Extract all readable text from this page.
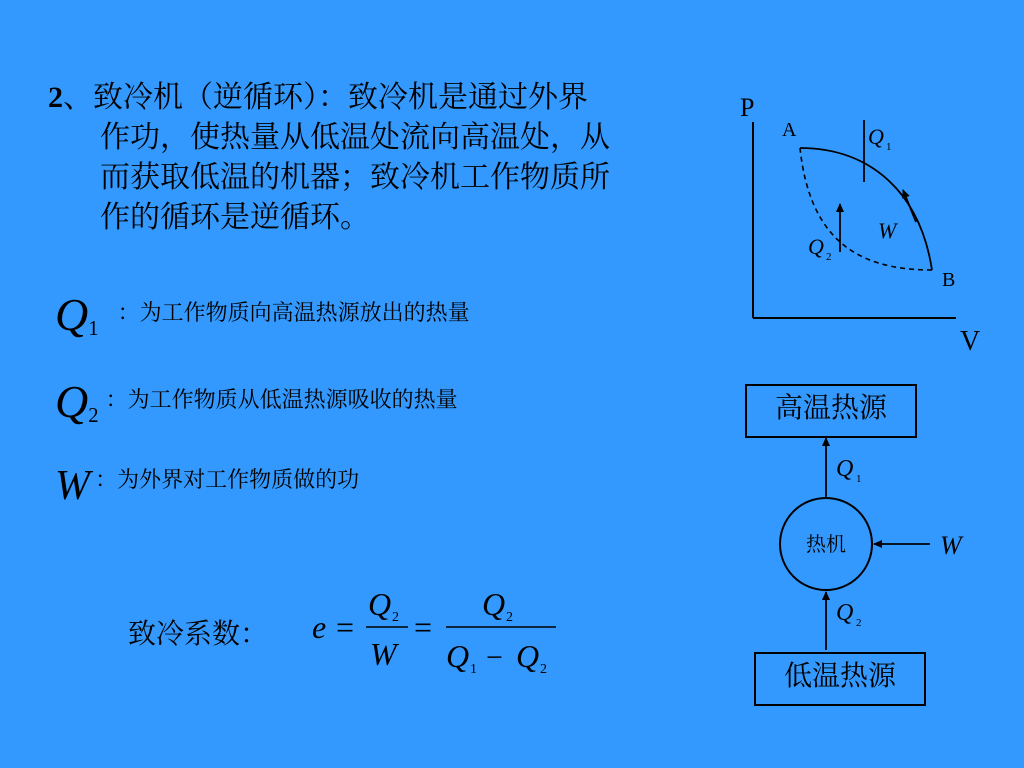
2、致冷机（逆循环）：致冷机是通过外界
作功，使热量从低温处流向高温处，从
而获取低温的机器；致冷机工作物质所
作的循环是逆循环。
$Q_1$ ：为工作物质向高温热源放出的热量
$Q_2$ ：为工作物质从低温热源吸收的热量
W ：为外界对工作物质做的功
致冷系数： e =
Q 2
W
=
Q 2
Q 1 − Q 2
P
V
A
B
Q 1
Q 2
W
高温热源
低温热源
热机
Q 1
Q 2
W
